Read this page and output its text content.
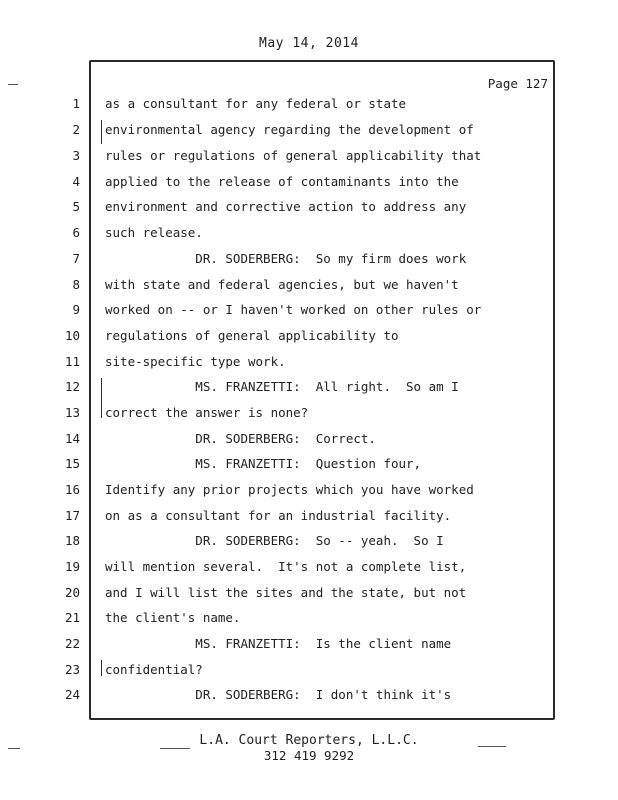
May 14, 2014
Page 127
1 as a consultant for any federal or state
2 environmental agency regarding the development of
3 rules or regulations of general applicability that
4 applied to the release of contaminants into the
5 environment and corrective action to address any
6 such release.
7 DR. SODERBERG:  So my firm does work
8 with state and federal agencies, but we haven't
9 worked on -- or I haven't worked on other rules or
10 regulations of general applicability to
11 site-specific type work.
12 MS. FRANZETTI:  All right.  So am I
13 correct the answer is none?
14 DR. SODERBERG:  Correct.
15 MS. FRANZETTI:  Question four,
16 Identify any prior projects which you have worked
17 on as a consultant for an industrial facility.
18 DR. SODERBERG:  So -- yeah.  So I
19 will mention several.  It's not a complete list,
20 and I will list the sites and the state, but not
21 the client's name.
22 MS. FRANZETTI:  Is the client name
23 confidential?
24 DR. SODERBERG:  I don't think it's
L.A. Court Reporters, L.L.C.
312 419 9292
